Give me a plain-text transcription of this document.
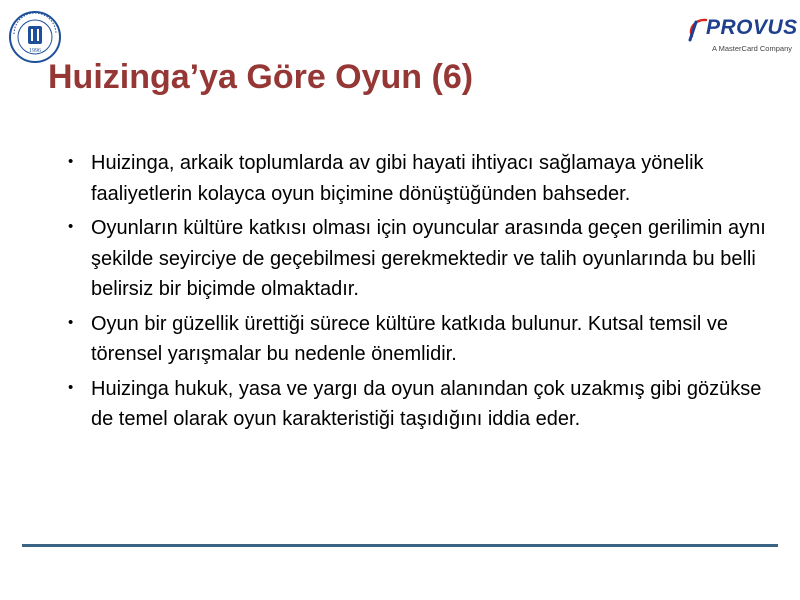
1996
PROVUS
A MasterCard Company
Huizinga’ya Göre Oyun (6)
• Huizinga, arkaik toplumlarda av gibi hayati ihtiyacı sağlamaya yönelik faaliyetlerin kolayca oyun biçimine dönüştüğünden bahseder.
• Oyunların kültüre katkısı olması için oyuncular arasında geçen gerilimin aynı şekilde seyirciye de geçebilmesi gerekmektedir ve talih oyunlarında bu belli belirsiz bir biçimde olmaktadır.
• Oyun bir güzellik ürettiği sürece kültüre katkıda bulunur. Kutsal temsil ve törensel yarışmalar bu nedenle önemlidir.
• Huizinga hukuk, yasa ve yargı da oyun alanından çok uzakmış gibi gözükse de temel olarak oyun karakteristiği taşıdığını iddia eder.
